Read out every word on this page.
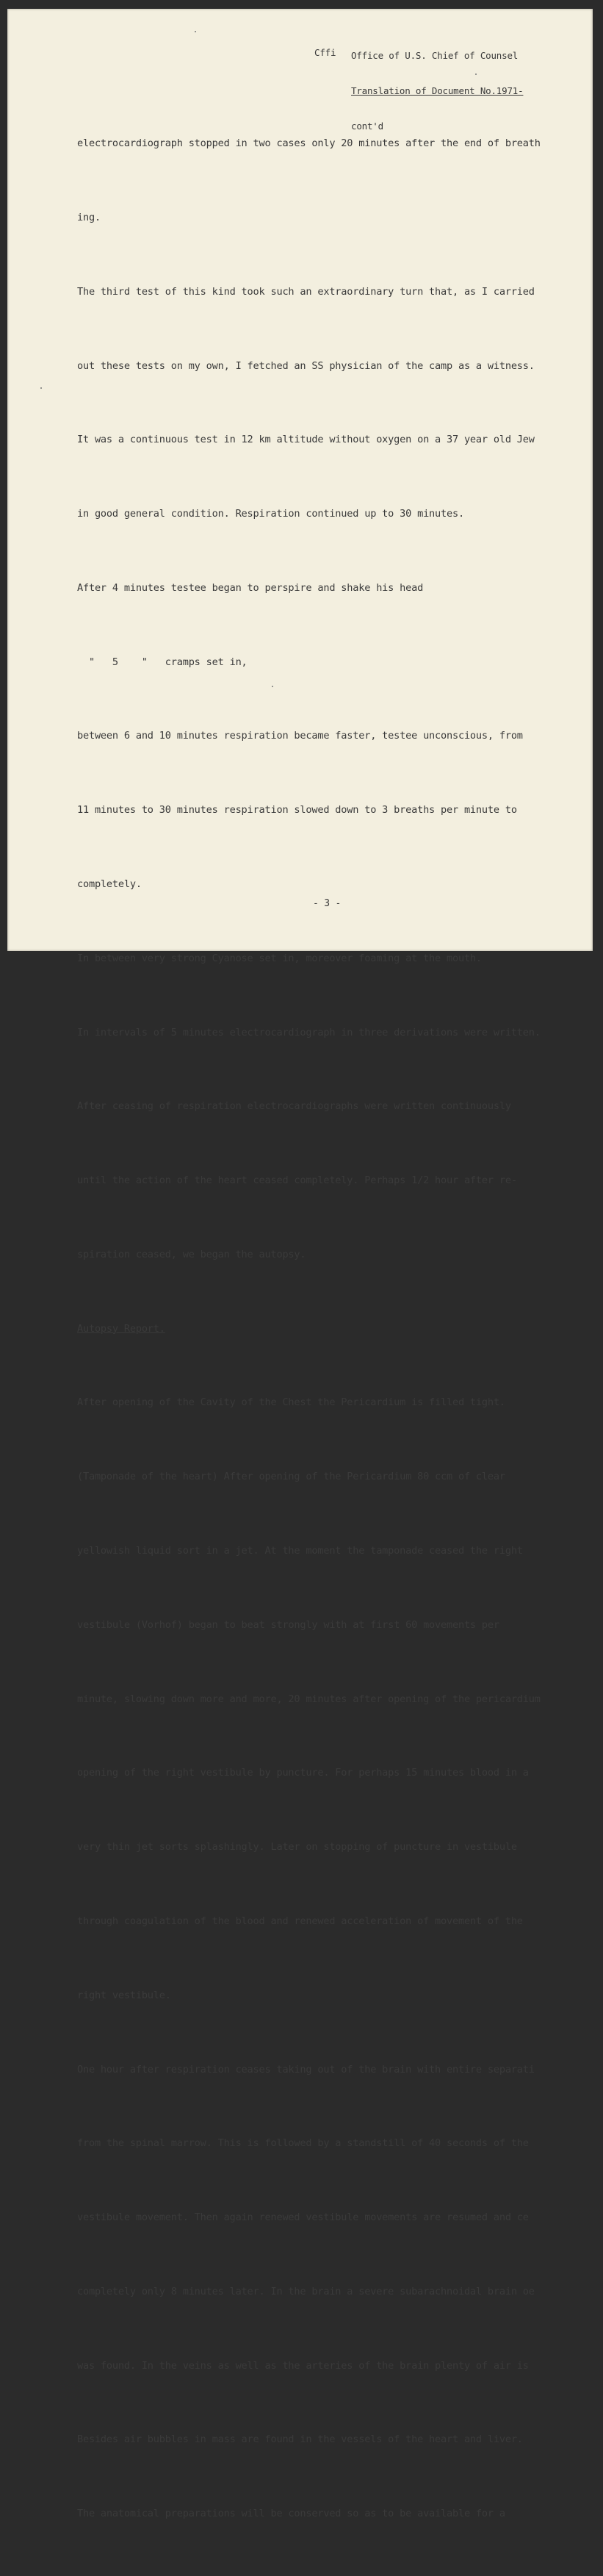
Cffi

Office of U.S. Chief of Counsel

Translation of Document No.1971-

cont'd

electrocardiograph stopped in two cases only 20 minutes after the end of breath

ing.

The third test of this kind took such an extraordinary turn that, as I carried

out these tests on my own, I fetched an SS physician of the camp as a witness.

It was a continuous test in 12 km altitude without oxygen on a 37 year old Jew

in good general condition. Respiration continued up to 30 minutes.

After 4 minutes testee began to perspire and shake his head

"   5    "   cramps set in,

between 6 and 10 minutes respiration became faster, testee unconscious, from

11 minutes to 30 minutes respiration slowed down to 3 breaths per minute to

completely.

In between very strong Cyanose set in, moreover foaming at the mouth.

In intervals of 5 minutes electrocardiograph in three derivations were written.

After ceasing of respiration electrocardiographs were written continuously

until the action of the heart ceased completely. Perhaps 1/2 hour after re-

spiration ceased, we began the autopsy.

Autopsy Report.

After opening of the Cavity of the Chest the Pericardium is filled tight.

(Tamponade of the heart) After opening of the Pericardium 80 ccm of clear

yellowish liquid sort in a jet. At the moment the tamponade ceased the right

vestibule (Vorhof) began to beat strongly with at first 60 movements per

minute, slowing down more and more, 20 minutes after opening of the pericardium

opening of the right vestibule by puncture. For perhaps 15 minutes blood in a

very thin jet sorts splashingly. Later on stopping of puncture in vestibule

through coagulation of the blood and renewed acceleration of movement of the

right vestibule.

One hour after respiration ceases taking out of the brain with entire separati

from the spinal marrow. This is followed by a standstill of 40 seconds of the

vestibule movement. Then again renewed vestibule movements are resumed and ce

completely only 8 minutes later. In the brain a severe subarachnoidal brain oe

was found. In the veins as well as the arteries of the brain plenty of air is

Besides air bubbles in mass are found in the vessels of the heart and liver.

The anatomical preparations will be conserved so as to be available for a

- 3 -
